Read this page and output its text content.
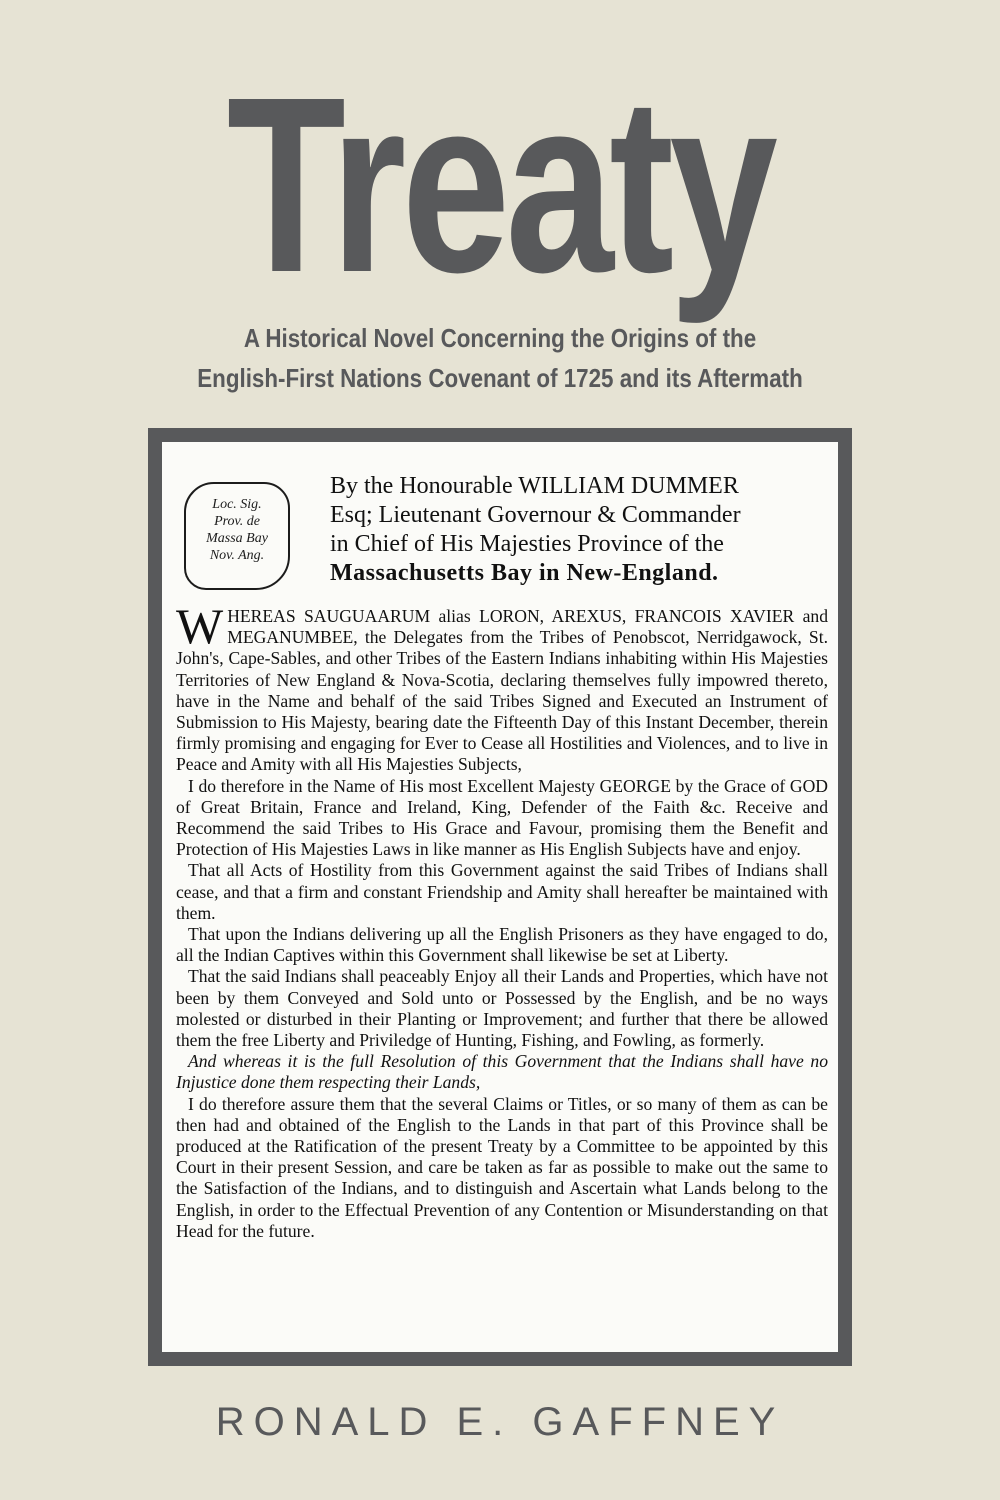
Treaty
A Historical Novel Concerning the Origins of the
English-First Nations Covenant of 1725 and its Aftermath
Loc. Sig.
Prov. de
Massa Bay
Nov. Ang.
By the Honourable WILLIAM DUMMER
Esq; Lieutenant Governour & Commander
in Chief of His Majesties Province of the
Massachusetts Bay in New-England.

WHEREAS SAUGUAARUM alias LORON, AREXUS, FRANCOIS XAVIER and MEGANUMBEE, the Delegates from the Tribes of Penobscot, Nerridgawock, St. John's, Cape-Sables, and other Tribes of the Eastern Indians inhabiting within His Majesties Territories of New England & Nova-Scotia, declaring themselves fully impowred thereto, have in the Name and behalf of the said Tribes Signed and Executed an Instrument of Submission to His Majesty, bearing date the Fifteenth Day of this Instant December, therein firmly promising and engaging for Ever to Cease all Hostilities and Violences, and to live in Peace and Amity with all His Majesties Subjects,

I do therefore in the Name of His most Excellent Majesty GEORGE by the Grace of GOD of Great Britain, France and Ireland, King, Defender of the Faith &c. Receive and Recommend the said Tribes to His Grace and Favour, promising them the Benefit and Protection of His Majesties Laws in like manner as His English Subjects have and enjoy.

That all Acts of Hostility from this Government against the said Tribes of Indians shall cease, and that a firm and constant Friendship and Amity shall hereafter be maintained with them.

That upon the Indians delivering up all the English Prisoners as they have engaged to do, all the Indian Captives within this Government shall likewise be set at Liberty.

That the said Indians shall peaceably Enjoy all their Lands and Properties, which have not been by them Conveyed and Sold unto or Possessed by the English, and be no ways molested or disturbed in their Planting or Improvement; and further that there be allowed them the free Liberty and Priviledge of Hunting, Fishing, and Fowling, as formerly.

And whereas it is the full Resolution of this Government that the Indians shall have no Injustice done them respecting their Lands,

I do therefore assure them that the several Claims or Titles, or so many of them as can be then had and obtained of the English to the Lands in that part of this Province shall be produced at the Ratification of the present Treaty by a Committee to be appointed by this Court in their present Session, and care be taken as far as possible to make out the same to the Satisfaction of the Indians, and to distinguish and Ascertain what Lands belong to the English, in order to the Effectual Prevention of any Contention or Misunderstanding on that Head for the future.

RONALD E. GAFFNEY
